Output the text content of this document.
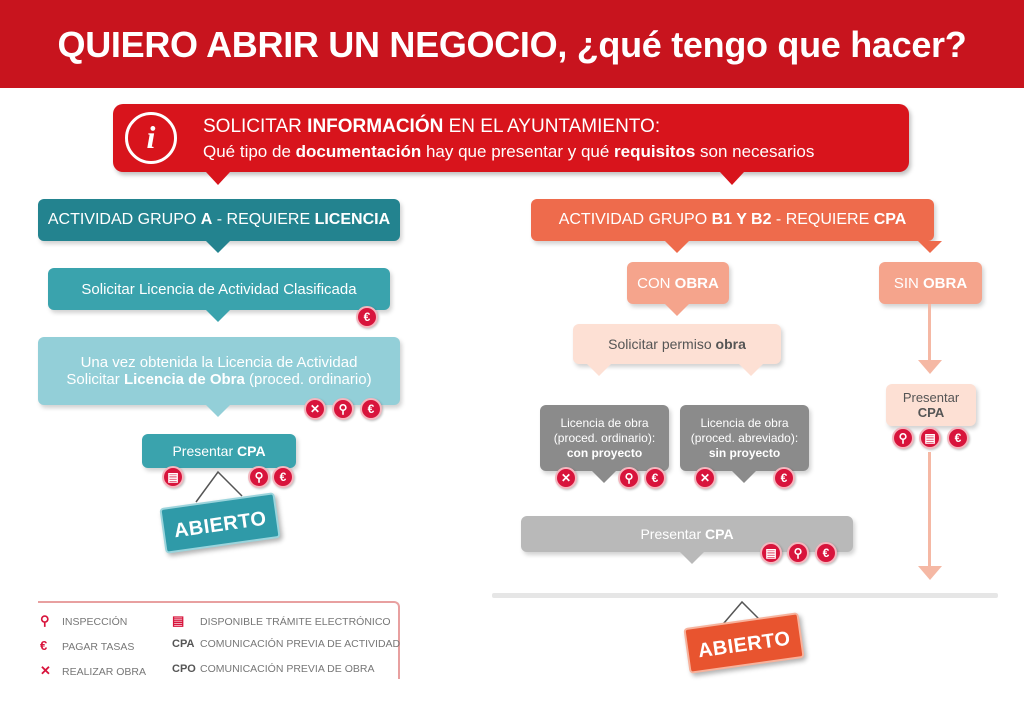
QUIERO ABRIR UN NEGOCIO, ¿qué tengo que hacer?
i	SOLICITAR INFORMACIÓN EN EL AYUNTAMIENTO:
Qué tipo de documentación hay que presentar y qué requisitos son necesarios
ACTIVIDAD GRUPO A - REQUIERE LICENCIA
Solicitar Licencia de Actividad Clasificada
€
Una vez obtenida la Licencia de Actividad
Solicitar Licencia de Obra (proced. ordinario)
✕	⚲	€
Presentar CPA
▤	⚲	€
ABIERTO
ACTIVIDAD GRUPO B1 Y B2 - REQUIERE CPA
CON OBRA	SIN OBRA
Solicitar permiso obra
Licencia de obra
(proced. ordinario):
con proyecto
✕	⚲	€
Licencia de obra
(proced. abreviado):
sin proyecto
✕	€
Presentar CPA
▤	⚲	€
Presentar
CPA
⚲	▤	€
ABIERTO
⚲ INSPECCIÓN
€ PAGAR TASAS
✕ REALIZAR OBRA
▤ DISPONIBLE TRÁMITE ELECTRÓNICO
CPA COMUNICACIÓN PREVIA DE ACTIVIDAD
CPO COMUNICACIÓN PREVIA DE OBRA
